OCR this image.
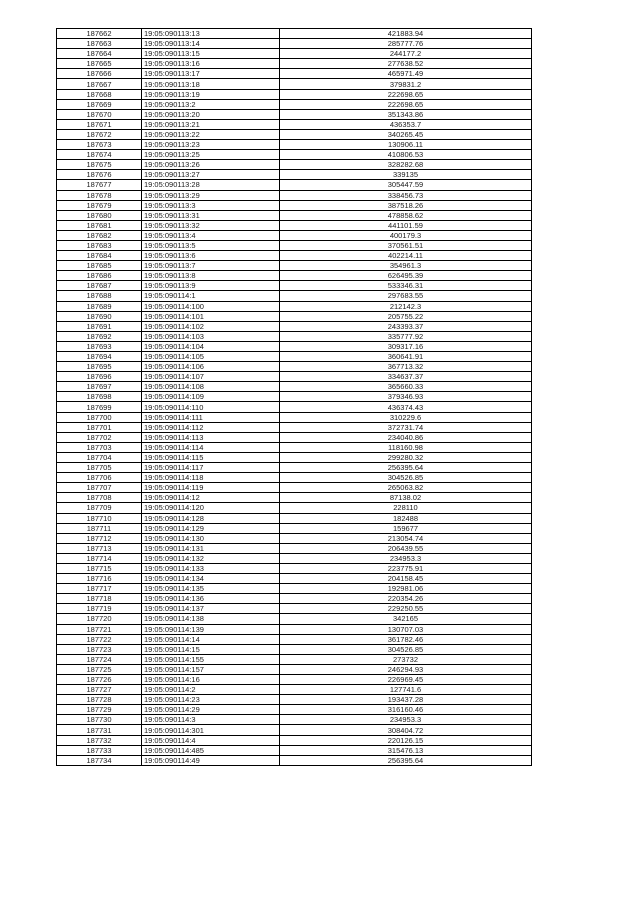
187662	19:05:090113:13	421883.94
187663	19:05:090113:14	285777.76
187664	19:05:090113:15	244177.2
187665	19:05:090113:16	277638.52
187666	19:05:090113:17	465971.49
187667	19:05:090113:18	379831.2
187668	19:05:090113:19	222698.65
187669	19:05:090113:2	222698.65
187670	19:05:090113:20	351343.86
187671	19:05:090113:21	436353.7
187672	19:05:090113:22	340265.45
187673	19:05:090113:23	130906.11
187674	19:05:090113:25	410806.53
187675	19:05:090113:26	328282.68
187676	19:05:090113:27	339135
187677	19:05:090113:28	305447.59
187678	19:05:090113:29	338456.73
187679	19:05:090113:3	387518.26
187680	19:05:090113:31	478858.62
187681	19:05:090113:32	441101.59
187682	19:05:090113:4	400179.3
187683	19:05:090113:5	370561.51
187684	19:05:090113:6	402214.11
187685	19:05:090113:7	354961.3
187686	19:05:090113:8	626495.39
187687	19:05:090113:9	533346.31
187688	19:05:090114:1	297683.55
187689	19:05:090114:100	212142.3
187690	19:05:090114:101	205755.22
187691	19:05:090114:102	243393.37
187692	19:05:090114:103	335777.92
187693	19:05:090114:104	309317.16
187694	19:05:090114:105	360641.91
187695	19:05:090114:106	367713.32
187696	19:05:090114:107	334637.37
187697	19:05:090114:108	365660.33
187698	19:05:090114:109	379346.93
187699	19:05:090114:110	436374.43
187700	19:05:090114:111	310229.6
187701	19:05:090114:112	372731.74
187702	19:05:090114:113	234040.86
187703	19:05:090114:114	118160.98
187704	19:05:090114:115	299280.32
187705	19:05:090114:117	256395.64
187706	19:05:090114:118	304526.85
187707	19:05:090114:119	265063.82
187708	19:05:090114:12	87138.02
187709	19:05:090114:120	228110
187710	19:05:090114:128	182488
187711	19:05:090114:129	159677
187712	19:05:090114:130	213054.74
187713	19:05:090114:131	206439.55
187714	19:05:090114:132	234953.3
187715	19:05:090114:133	223775.91
187716	19:05:090114:134	204158.45
187717	19:05:090114:135	192981.06
187718	19:05:090114:136	220354.26
187719	19:05:090114:137	229250.55
187720	19:05:090114:138	342165
187721	19:05:090114:139	130707.03
187722	19:05:090114:14	361782.46
187723	19:05:090114:15	304526.85
187724	19:05:090114:155	273732
187725	19:05:090114:157	246294.93
187726	19:05:090114:16	226969.45
187727	19:05:090114:2	127741.6
187728	19:05:090114:23	193437.28
187729	19:05:090114:29	316160.46
187730	19:05:090114:3	234953.3
187731	19:05:090114:301	308404.72
187732	19:05:090114:4	220126.15
187733	19:05:090114:485	315476.13
187734	19:05:090114:49	256395.64
